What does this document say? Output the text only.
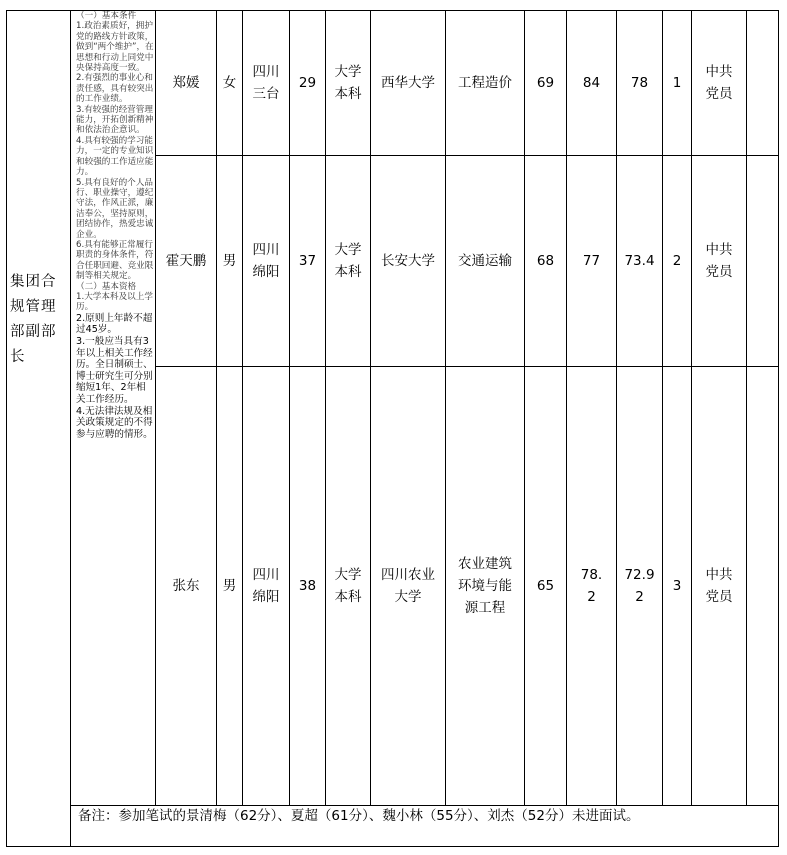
集团合
规管理
部副部
长
（一）基本条件
1.政治素质好，拥护党的路线方针政策，做到“两个维护”，在思想和行动上同党中央保持高度一致。
2.有强烈的事业心和责任感，具有较突出的工作业绩。
3.有较强的经营管理能力，开拓创新精神和依法治企意识。
4.具有较强的学习能力，一定的专业知识和较强的工作适应能力。
5.具有良好的个人品行、职业操守，遵纪守法，作风正派，廉洁奉公，坚持原则，团结协作，热爱忠诚企业。
6.具有能够正常履行职责的身体条件，符合任职回避、竞业限制等相关规定。
（二）基本资格
1.大学本科及以上学历。
2.原则上年龄不超过45岁。
3.一般应当具有3年以上相关工作经历。全日制硕士、博士研究生可分别缩短1年、2年相关工作经历。
4.无法律法规及相关政策规定的不得参与应聘的情形。
备注：参加笔试的景清梅（62分）、夏超（61分）、魏小林（55分）、刘杰（52分）未进面试。
郑媛 女
四川
三台
29
大学
本科
西华大学 工程造价 69 84 78 1
中共
党员
霍天鹏 男
四川
绵阳
37
大学
本科
长安大学 交通运输 68 77 73.4 2
中共
党员
张东 男
四川
绵阳
38
大学
本科
四川农业
大学
农业建筑
环境与能
源工程
65
78.
2
72.9
2
3
中共
党员
